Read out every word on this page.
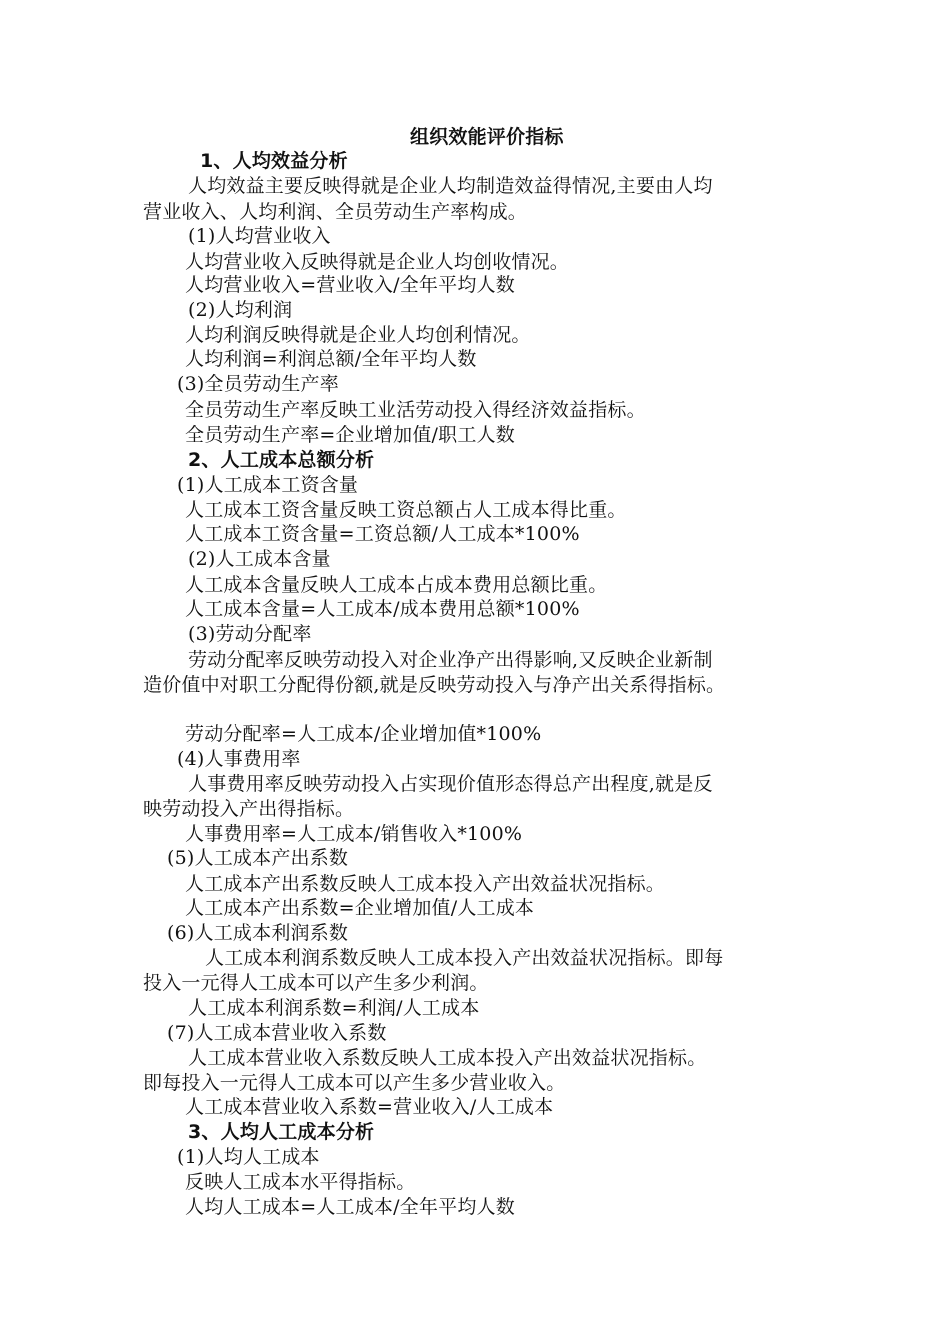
组织效能评价指标
1、人均效益分析
人均效益主要反映得就是企业人均制造效益得情况,主要由人均
营业收入、人均利润、全员劳动生产率构成。
(1)人均营业收入
人均营业收入反映得就是企业人均创收情况。
人均营业收入=营业收入/全年平均人数
(2)人均利润
人均利润反映得就是企业人均创利情况。
人均利润=利润总额/全年平均人数
(3)全员劳动生产率
全员劳动生产率反映工业活劳动投入得经济效益指标。
全员劳动生产率=企业增加值/职工人数
2、人工成本总额分析
(1)人工成本工资含量
人工成本工资含量反映工资总额占人工成本得比重。
人工成本工资含量=工资总额/人工成本*100%
(2)人工成本含量
人工成本含量反映人工成本占成本费用总额比重。
人工成本含量=人工成本/成本费用总额*100%
(3)劳动分配率
劳动分配率反映劳动投入对企业净产出得影响,又反映企业新制
造价值中对职工分配得份额,就是反映劳动投入与净产出关系得指标。
劳动分配率=人工成本/企业增加值*100%
(4)人事费用率
人事费用率反映劳动投入占实现价值形态得总产出程度,就是反
映劳动投入产出得指标。
人事费用率=人工成本/销售收入*100%
(5)人工成本产出系数
人工成本产出系数反映人工成本投入产出效益状况指标。
人工成本产出系数=企业增加值/人工成本
(6)人工成本利润系数
人工成本利润系数反映人工成本投入产出效益状况指标。即每
投入一元得人工成本可以产生多少利润。
人工成本利润系数=利润/人工成本
(7)人工成本营业收入系数
人工成本营业收入系数反映人工成本投入产出效益状况指标。
即每投入一元得人工成本可以产生多少营业收入。
人工成本营业收入系数=营业收入/人工成本
3、人均人工成本分析
(1)人均人工成本
反映人工成本水平得指标。
人均人工成本=人工成本/全年平均人数
